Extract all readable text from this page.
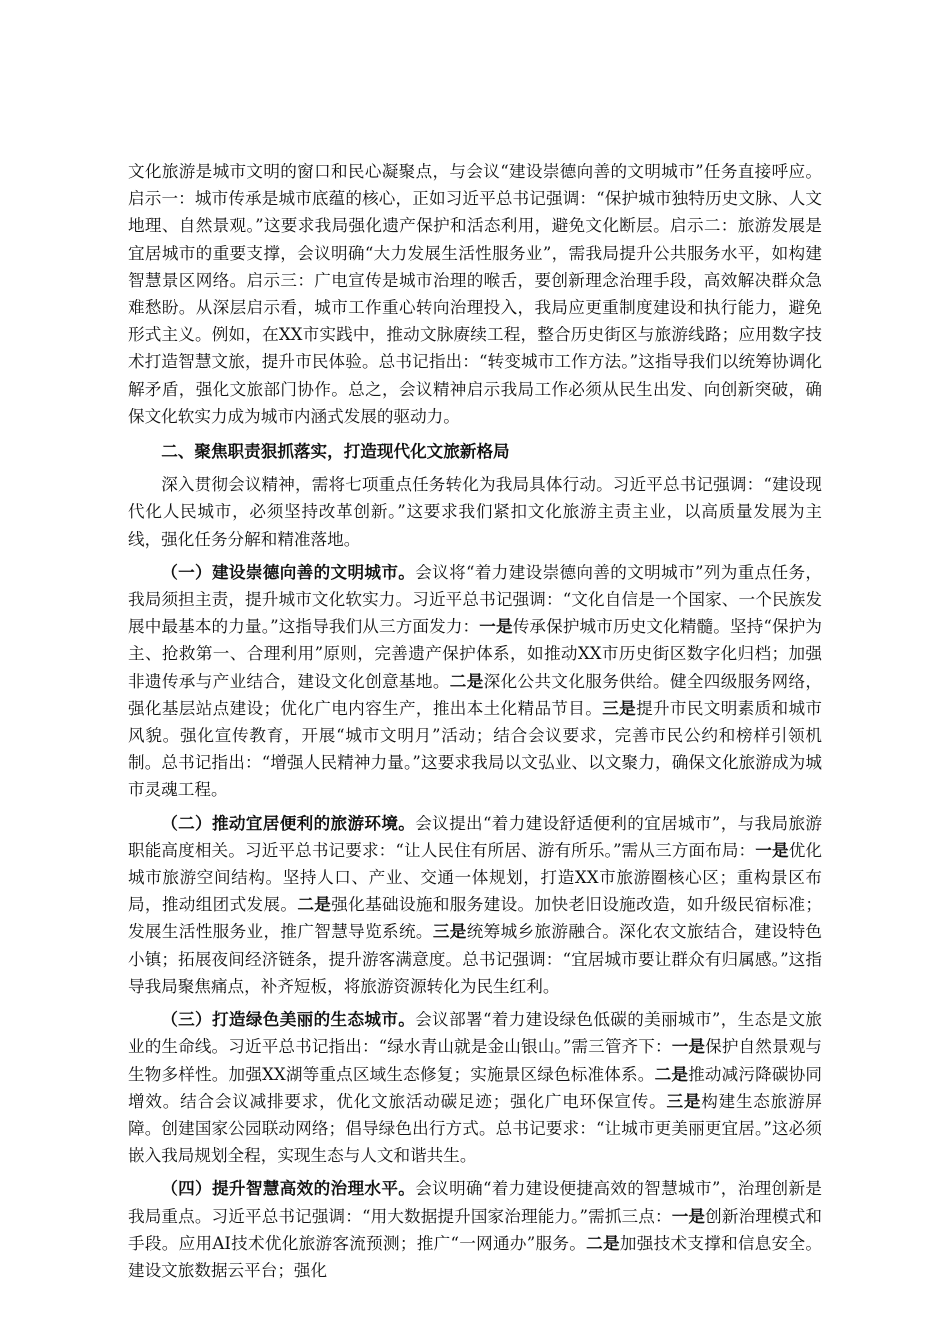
文化旅游是城市文明的窗口和民心凝聚点，与会议“建设崇德向善的文明城市”任务直接呼应。启示一：城市传承是城市底蕴的核心，正如习近平总书记强调：“保护城市独特历史文脉、人文地理、自然景观。”这要求我局强化遗产保护和活态利用，避免文化断层。启示二：旅游发展是宜居城市的重要支撑，会议明确“大力发展生活性服务业”，需我局提升公共服务水平，如构建智慧景区网络。启示三：广电宣传是城市治理的喉舌，要创新理念治理手段，高效解决群众急难愁盼。从深层启示看，城市工作重心转向治理投入，我局应更重制度建设和执行能力，避免形式主义。例如，在XX市实践中，推动文脉赓续工程，整合历史街区与旅游线路；应用数字技术打造智慧文旅，提升市民体验。总书记指出：“转变城市工作方法。”这指导我们以统筹协调化解矛盾，强化文旅部门协作。总之，会议精神启示我局工作必须从民生出发、向创新突破，确保文化软实力成为城市内涵式发展的驱动力。

二、聚焦职责狠抓落实，打造现代化文旅新格局

深入贯彻会议精神，需将七项重点任务转化为我局具体行动。习近平总书记强调：“建设现代化人民城市，必须坚持改革创新。”这要求我们紧扣文化旅游主责主业，以高质量发展为主线，强化任务分解和精准落地。

（一）建设崇德向善的文明城市。会议将“着力建设崇德向善的文明城市”列为重点任务，我局须担主责，提升城市文化软实力。习近平总书记强调：“文化自信是一个国家、一个民族发展中最基本的力量。”这指导我们从三方面发力：一是传承保护城市历史文化精髓。坚持“保护为主、抢救第一、合理利用”原则，完善遗产保护体系，如推动XX市历史街区数字化归档；加强非遗传承与产业结合，建设文化创意基地。二是深化公共文化服务供给。健全四级服务网络，强化基层站点建设；优化广电内容生产，推出本土化精品节目。三是提升市民文明素质和城市风貌。强化宣传教育，开展“城市文明月”活动；结合会议要求，完善市民公约和榜样引领机制。总书记指出：“增强人民精神力量。”这要求我局以文弘业、以文聚力，确保文化旅游成为城市灵魂工程。

（二）推动宜居便利的旅游环境。会议提出“着力建设舒适便利的宜居城市”，与我局旅游职能高度相关。习近平总书记要求：“让人民住有所居、游有所乐。”需从三方面布局：一是优化城市旅游空间结构。坚持人口、产业、交通一体规划，打造XX市旅游圈核心区；重构景区布局，推动组团式发展。二是强化基础设施和服务建设。加快老旧设施改造，如升级民宿标准；发展生活性服务业，推广智慧导览系统。三是统筹城乡旅游融合。深化农文旅结合，建设特色小镇；拓展夜间经济链条，提升游客满意度。总书记强调：“宜居城市要让群众有归属感。”这指导我局聚焦痛点，补齐短板，将旅游资源转化为民生红利。

（三）打造绿色美丽的生态城市。会议部署“着力建设绿色低碳的美丽城市”，生态是文旅业的生命线。习近平总书记指出：“绿水青山就是金山银山。”需三管齐下：一是保护自然景观与生物多样性。加强XX湖等重点区域生态修复；实施景区绿色标准体系。二是推动减污降碳协同增效。结合会议减排要求，优化文旅活动碳足迹；强化广电环保宣传。三是构建生态旅游屏障。创建国家公园联动网络；倡导绿色出行方式。总书记要求：“让城市更美丽更宜居。”这必须嵌入我局规划全程，实现生态与人文和谐共生。

（四）提升智慧高效的治理水平。会议明确“着力建设便捷高效的智慧城市”，治理创新是我局重点。习近平总书记强调：“用大数据提升国家治理能力。”需抓三点：一是创新治理模式和手段。应用AI技术优化旅游客流预测；推广“一网通办”服务。二是加强技术支撑和信息安全。建设文旅数据云平台；强化
